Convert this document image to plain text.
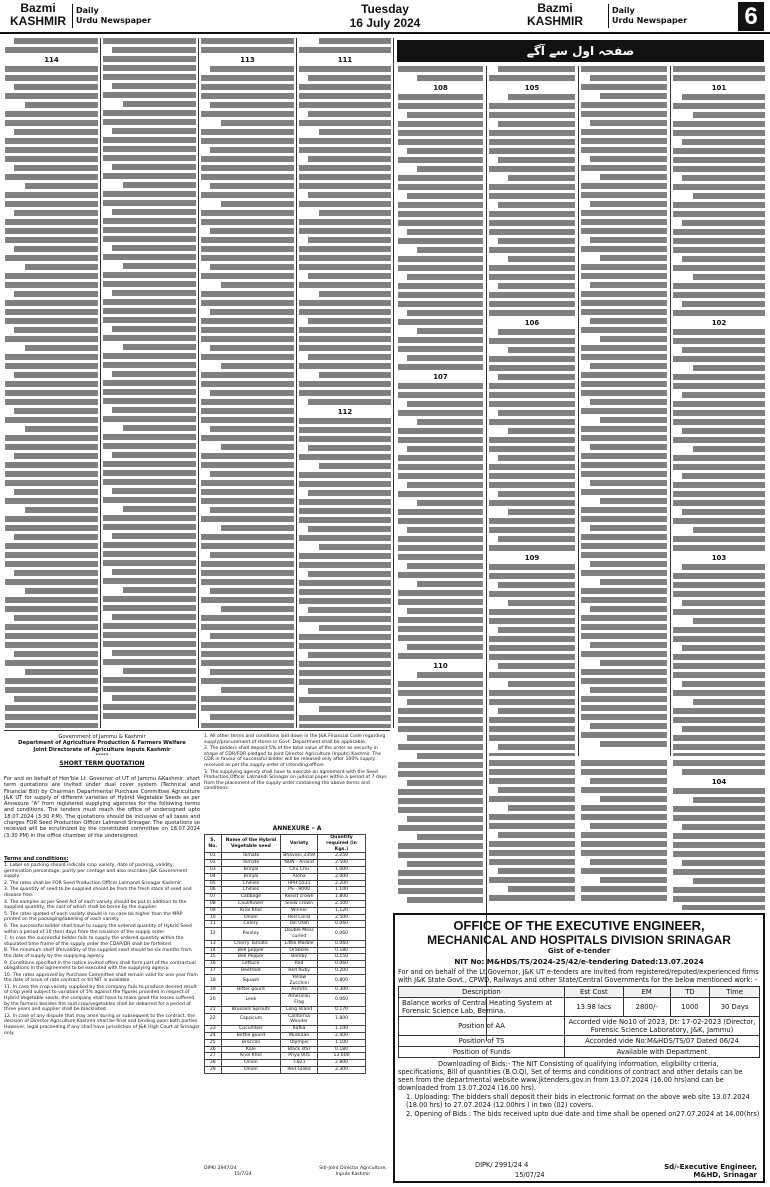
Bazmi
KASHMIR
Daily
Urdu Newspaper
Tuesday
16 July 2024
Bazmi
KASHMIR
Daily
Urdu Newspaper 6
صفحہ اول سے آگے
101
102
103
105
106
109
108
107
110
111
112
113
114
104
Government of Jammu & Kashmir
Department of Agriculture Production & Farmers Welfare
Joint Directorate of Agriculture Inputs Kashmir
*****
SHORT TERM QUOTATION
For and on behalf of Hon'ble Lt. Governor of UT of Jammu &Kashmir, short term quotations are invited under dual cover system (Technical and Financial Bid) by Chairman Departmental Purchase Committee Agriculture J&K UT for supply of different varieties of Hybrid Vegetable Seeds as per Annexure "A" from registered supplying agencies for the following terms and conditions. The tenders must reach the office of undersigned upto 18.07.2024 (3:30 P.M). The quotations should be inclusive of all taxes and charges FOR Seed Production Officer Lalmandi Srinagar. The quotations so received will be scrutinized by the constituted committee on 18.07.2024 (3:30 PM) in the office chamber of the undersigned.
Terms and conditions:
1. Label on packing should indicate crop variety, date of packing, validity, germination percentage, purity per centage and also inscribes J&K Government supply.
2. The rates shall be FOR Seed Production Officer Lalmandi Srinagar Kashmir.
3. The quantity of seed to be supplied should be from the fresh stock of seed and disease free.
4. The samples as per Seed Act of each variety should be put in addition to the supplied quantity, the cost of which shall be borne by the supplier.
5. The rates quoted of each variety should in no case be higher than the MRP printed on the packaging/labelling of each variety.
6. The successful bidder shall have to supply the ordered quantity of Hybrid Seed within a period of 10 (ten) days from the issuance of the supply order.
7. In case the successful bidder fails to supply the ordered quantity within the stipulated time frame of the supply order the CDAP/DR shall be forfeited.
8. The minimum shelf life/validity of the supplied seed should be six months from the date of supply by the supplying agency.
9. Conditions specified in the notice invited offers shall form part of the contractual obligations in the agreement to be executed with the supplying agency.
10. The rates approved by Purchase Committee shall remain valid for one year from the date of issue of rate contract or till NIT is available.
11. In case the crop variety supplied by the company fails to produce desired result of crop yield subject to variation of 5% against the figures provided in respect of Hybrid Vegetable seeds, the company shall have to make good the losses suffered by the farmers besides the said crop/vegetables shall be debarred for a period of three years and supplier shall be blacklisted.
12. In case of any dispute that may arise during or subsequent to the contract, the decision of Director Agriculture Kashmir shall be final and binding upon both parties. However, legal proceeding if any shall have jurisdiction of J&K High Court at Srinagar only.
1. All other terms and conditions laid down in the J&K Financial Code regarding supply/procurement of stores in Govt. Department shall be applicable.
2. The bidders shall deposit 5% of the total value of the order as security in shape of CDR/FDR pledged to Joint Director Agriculture (Inputs) Kashmir. The CDR in favour of successful bidder will be released only after 100% supply received as per the supply order of intending officer.
3. The supplying agency shall have to execute an agreement with the Seed Production Officer Lalmandi Srinagar on judicial paper within a period of 7 days from the placement of the supply order containing the above terms and conditions.
ANNEXURE – A
S. No.	Name of the Hybrid Vegetable seed	Variety	Quantity required (in Kgs.)
01	Tomato	Bhavani 3359	2.250
02	Tomato	NUN - Anand	2.500
03	Brinjal	Chu Chu	1.000
04	Brinjal	Aloha	2.000
05	Chillies	HPH 5531	2.200
06	Chillies	PS - 9000	1.100
07	Cabbage	Resist crown	1.800
08	Cauliflower	Snow crown	2.500
09	Knol Khol	Winner	1.120
10	Onion	Red Coral	2.500
11	Celery	Tall Utah	0.060
12	Parsley	Double Moss curled	0.060
13	Cherry Tomato	Little Marble	0.060
14	Bell pepper	Orabelle	0.180
15	Bell Pepper	Bomby	0.150
16	Lettuce	Red	0.060
17	Beetroot	Red Ruby	0.200
18	Squash	Yellow Zucchini	0.800
19	Bitter gourd	Asmita	0.300
20	Leek	American Flag	0.060
21	Brussels Sprouts	Long Island	0.170
22	Capsicum	California Wonder	1.800
23	Cucumber	Kafka	1.100
24	Bottle gourd	Muskaan	2.400
25	Broccoli	Olympic	1.100
26	Kale	Black star	0.180
27	Knol Khol	Priya 005	13.600
28	Onion	T-821	2.800
29	Onion	Red Globe	2.300
DIPK/ 2947/24
15/7/24
Sd/-Joint Director Agriculture,
Inputs Kashmir
OFFICE OF THE EXECUTIVE ENGINEER,
MECHANICAL AND HOSPITALS DIVISION SRINAGAR
Gist of e-tender
NIT No: M&HDS/TS/2024-25/42/e-tendering Dated:13.07.2024
For and on behalf of the Lt.Governor, J&K UT e-tenders are invited from registered/reputed/experienced firms with J&K State Govt., CPWD, Railways and other State/Central Governments for the below mentioned work: -
Description	Est Cost	EM	TD	Time
Balance works of Central Heating System at Forensic Science Lab, Bemina.	13.98 lacs	2800/-	1000	30 Days
Position of AA	Accorded vide No10 of 2023, Dt: 17-02-2023 (Director, Forensic Science Laboratory, J&K, Jammu)			
Position of TS	Accorded vide No:M&HDS/TS/07 Dated 06/24			
Position of Funds	Available with Department			
Downloading of Bids:- The NIT Consisting of qualifying information, eligibility criteria, specifications, Bill of quantities (B.O.Q), Set of terms and conditions of contract and other details can be seen from the departmental website www.jktenders.gov.in from 13.07.2024 (16.00 hrs)and can be downloaded from 13.07.2024 (16.00 hrs).
1. Uploading: The bidders shall deposit their bids in electronic format on the above web site 13.07.2024 (18.00 hrs) to 27.07.2024 (12.00hrs ) in two (02) covers.
2. Opening of Bids : The bids received upto due date and time shall be opened on27.07.2024 at 14.00(hrs)
DIPK/ 2991/24 4
15/07/24
Sd/-Executive Engineer,
M&HD, Srinagar
